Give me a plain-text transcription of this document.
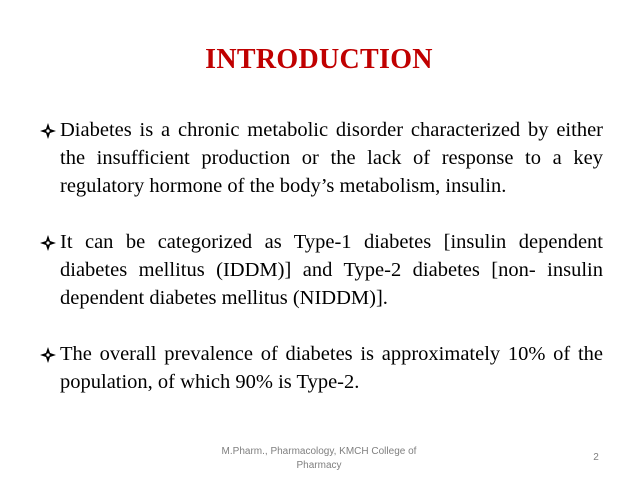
INTRODUCTION

Diabetes is a chronic metabolic disorder characterized by either the insufficient production or the lack of response to a key regulatory hormone of the body’s metabolism, insulin.

It can be categorized as Type-1 diabetes [insulin dependent diabetes mellitus (IDDM)] and Type-2 diabetes [non- insulin dependent diabetes mellitus (NIDDM)].

The overall prevalence of diabetes is approximately 10% of the population, of which 90% is Type-2.

M.Pharm., Pharmacology, KMCH College of Pharmacy
2
